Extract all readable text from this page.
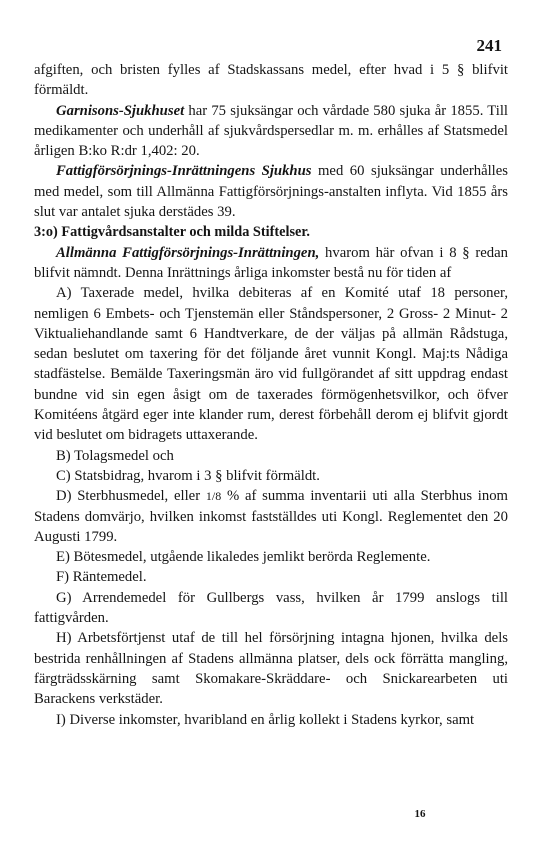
241

afgiften, och bristen fylles af Stadskassans medel, efter hvad i 5 § blifvit förmäldt.

Garnisons-Sjukhuset har 75 sjuksängar och vårdade 580 sjuka år 1855. Till medikamenter och underhåll af sjukvårdspersedlar m. m. erhålles af Statsmedel årligen B:ko R:dr 1,402: 20.

Fattigförsörjnings-Inrättningens Sjukhus med 60 sjuksängar underhålles med medel, som till Allmänna Fattigförsörjnings-anstalten inflyta. Vid 1855 års slut var antalet sjuka derstädes 39.

3:o) Fattigvårdsanstalter och milda Stiftelser.

Allmänna Fattigförsörjnings-Inrättningen, hvarom här ofvan i 8 § redan blifvit nämndt. Denna Inrättnings årliga inkomster bestå nu för tiden af

A) Taxerade medel, hvilka debiteras af en Komité utaf 18 personer, nemligen 6 Embets- och Tjenstemän eller Ståndspersoner, 2 Gross- 2 Minut- 2 Viktualiehandlande samt 6 Handtverkare, de der väljas på allmän Rådstuga, sedan beslutet om taxering för det följande året vunnit Kongl. Maj:ts Nådiga stadfästelse. Bemälde Taxeringsmän äro vid fullgörandet af sitt uppdrag endast bundne vid sin egen åsigt om de taxerades förmögenhetsvilkor, och öfver Komitéens åtgärd eger inte klander rum, derest förbehåll derom ej blifvit gjordt vid beslutet om bidragets uttaxerande.

B) Tolagsmedel och

C) Statsbidrag, hvarom i 3 § blifvit förmäldt.

D) Sterbhusmedel, eller 1/8 % af summa inventarii uti alla Sterbhus inom Stadens domvärjo, hvilken inkomst fastställdes uti Kongl. Reglementet den 20 Augusti 1799.

E) Bötesmedel, utgående likaledes jemlikt berörda Reglemente.

F) Räntemedel.

G) Arrendemedel för Gullbergs vass, hvilken år 1799 anslogs till fattigvården.

H) Arbetsförtjenst utaf de till hel försörjning intagna hjonen, hvilka dels bestrida renhållningen af Stadens allmänna platser, dels ock förrätta mangling, färgträdsskärning samt Skomakare-Skräddare- och Snickarearbeten uti Barackens verkstäder.

I) Diverse inkomster, hvaribland en årlig kollekt i Stadens kyrkor, samt

16
